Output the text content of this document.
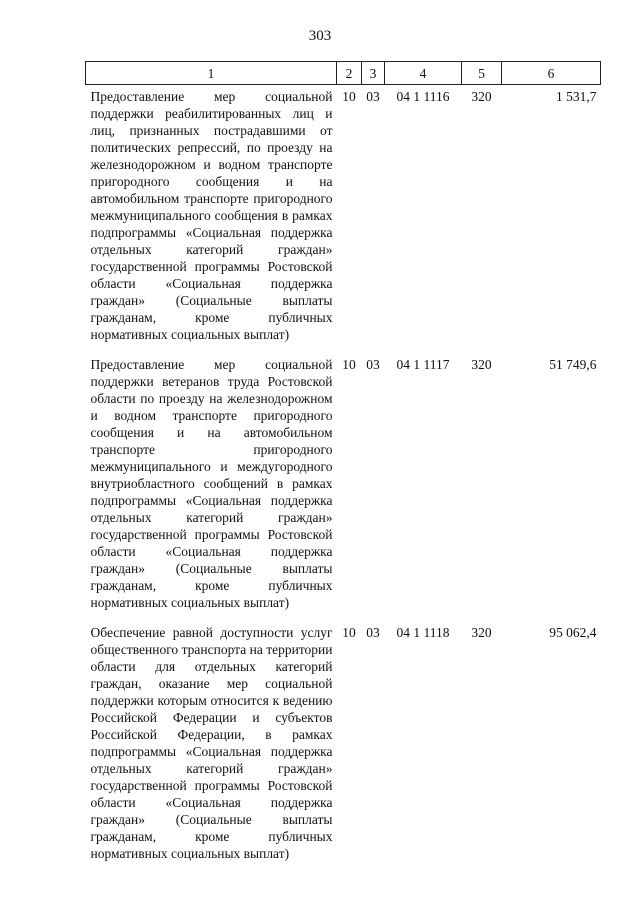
303
1	2	3	4	5	6
Предоставление мер социальной поддержки реабилитированных лиц и лиц, признанных пострадавшими от политических репрессий, по проезду на железнодорожном и водном транспорте пригородного сообщения и на автомобильном транспорте пригородного межмуниципального сообщения в рамках подпрограммы «Социальная поддержка отдельных категорий граждан» государственной программы Ростовской области «Социальная поддержка граждан» (Социальные выплаты гражданам, кроме публичных нормативных социальных выплат)	10	03	04 1 1116	320	1 531,7
Предоставление мер социальной поддержки ветеранов труда Ростовской области по проезду на железнодорожном и водном транспорте пригородного сообщения и на автомобильном транспорте пригородного межмуниципального и междугородного внутриобластного сообщений в рамках подпрограммы «Социальная поддержка отдельных категорий граждан» государственной программы Ростовской области «Социальная поддержка граждан» (Социальные выплаты гражданам, кроме публичных нормативных социальных выплат)	10	03	04 1 1117	320	51 749,6
Обеспечение равной доступности услуг общественного транспорта на территории области для отдельных категорий граждан, оказание мер социальной поддержки которым относится к ведению Российской Федерации и субъектов Российской Федерации, в рамках подпрограммы «Социальная поддержка отдельных категорий граждан» государственной программы Ростовской области «Социальная поддержка граждан» (Социальные выплаты гражданам, кроме публичных нормативных социальных выплат)	10	03	04 1 1118	320	95 062,4
